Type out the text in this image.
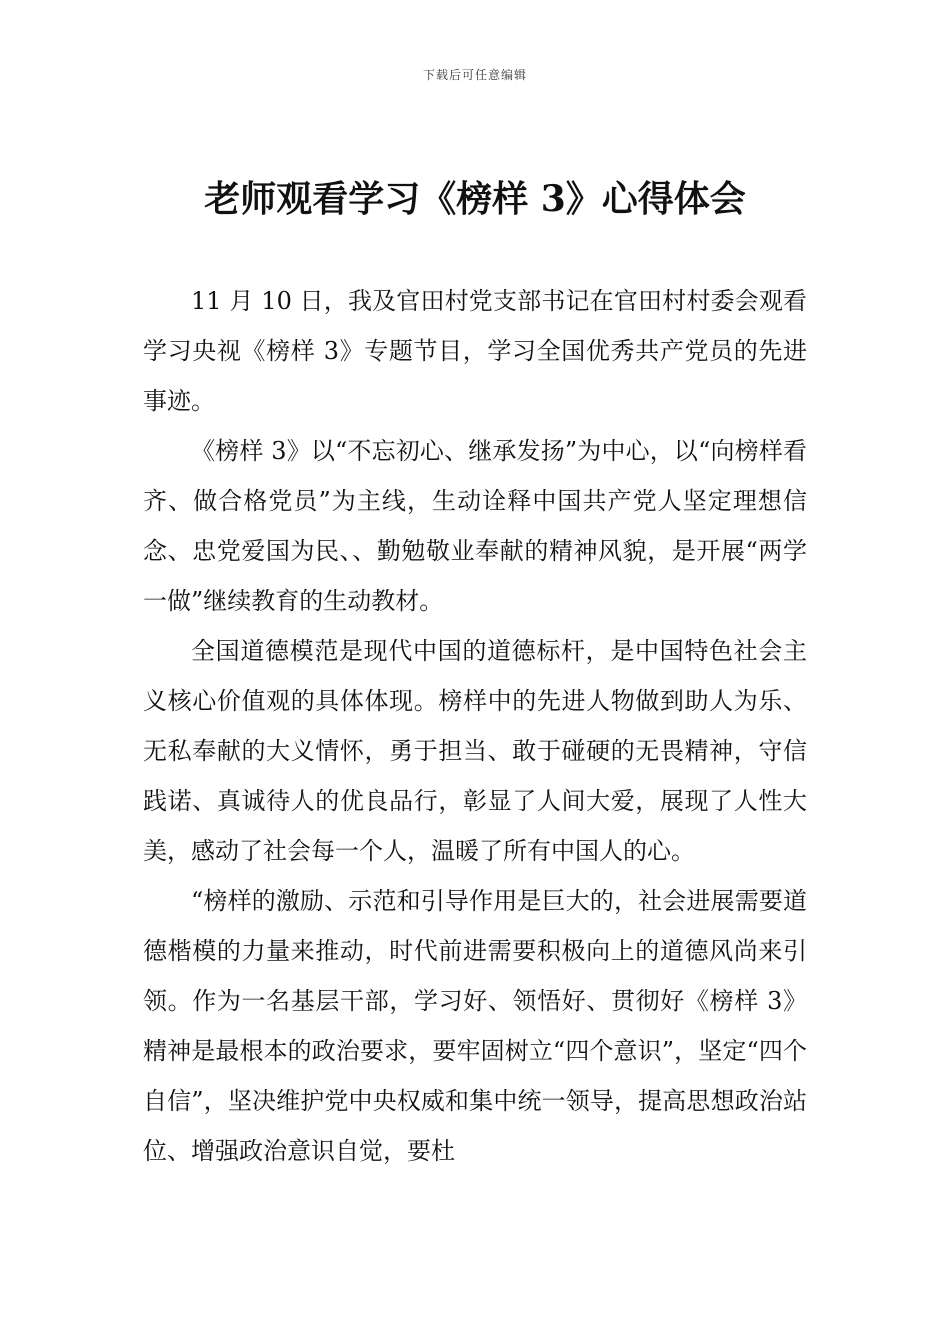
下载后可任意编辑
老师观看学习《榜样 3》心得体会

11 月 10 日，我及官田村党支部书记在官田村村委会观看学习央视《榜样 3》专题节目，学习全国优秀共产党员的先进事迹。

《榜样 3》以“不忘初心、继承发扬”为中心，以“向榜样看齐、做合格党员”为主线，生动诠释中国共产党人坚定理想信念、忠党爱国为民、、勤勉敬业奉献的精神风貌，是开展“两学一做”继续教育的生动教材。

全国道德模范是现代中国的道德标杆，是中国特色社会主义核心价值观的具体体现。榜样中的先进人物做到助人为乐、无私奉献的大义情怀，勇于担当、敢于碰硬的无畏精神，守信践诺、真诚待人的优良品行，彰显了人间大爱，展现了人性大美，感动了社会每一个人，温暖了所有中国人的心。

“榜样的激励、示范和引导作用是巨大的，社会进展需要道德楷模的力量来推动，时代前进需要积极向上的道德风尚来引领。作为一名基层干部，学习好、领悟好、贯彻好《榜样 3》精神是最根本的政治要求，要牢固树立“四个意识”，坚定“四个自信”，坚决维护党中央权威和集中统一领导，提高思想政治站位、增强政治意识自觉，要杜
